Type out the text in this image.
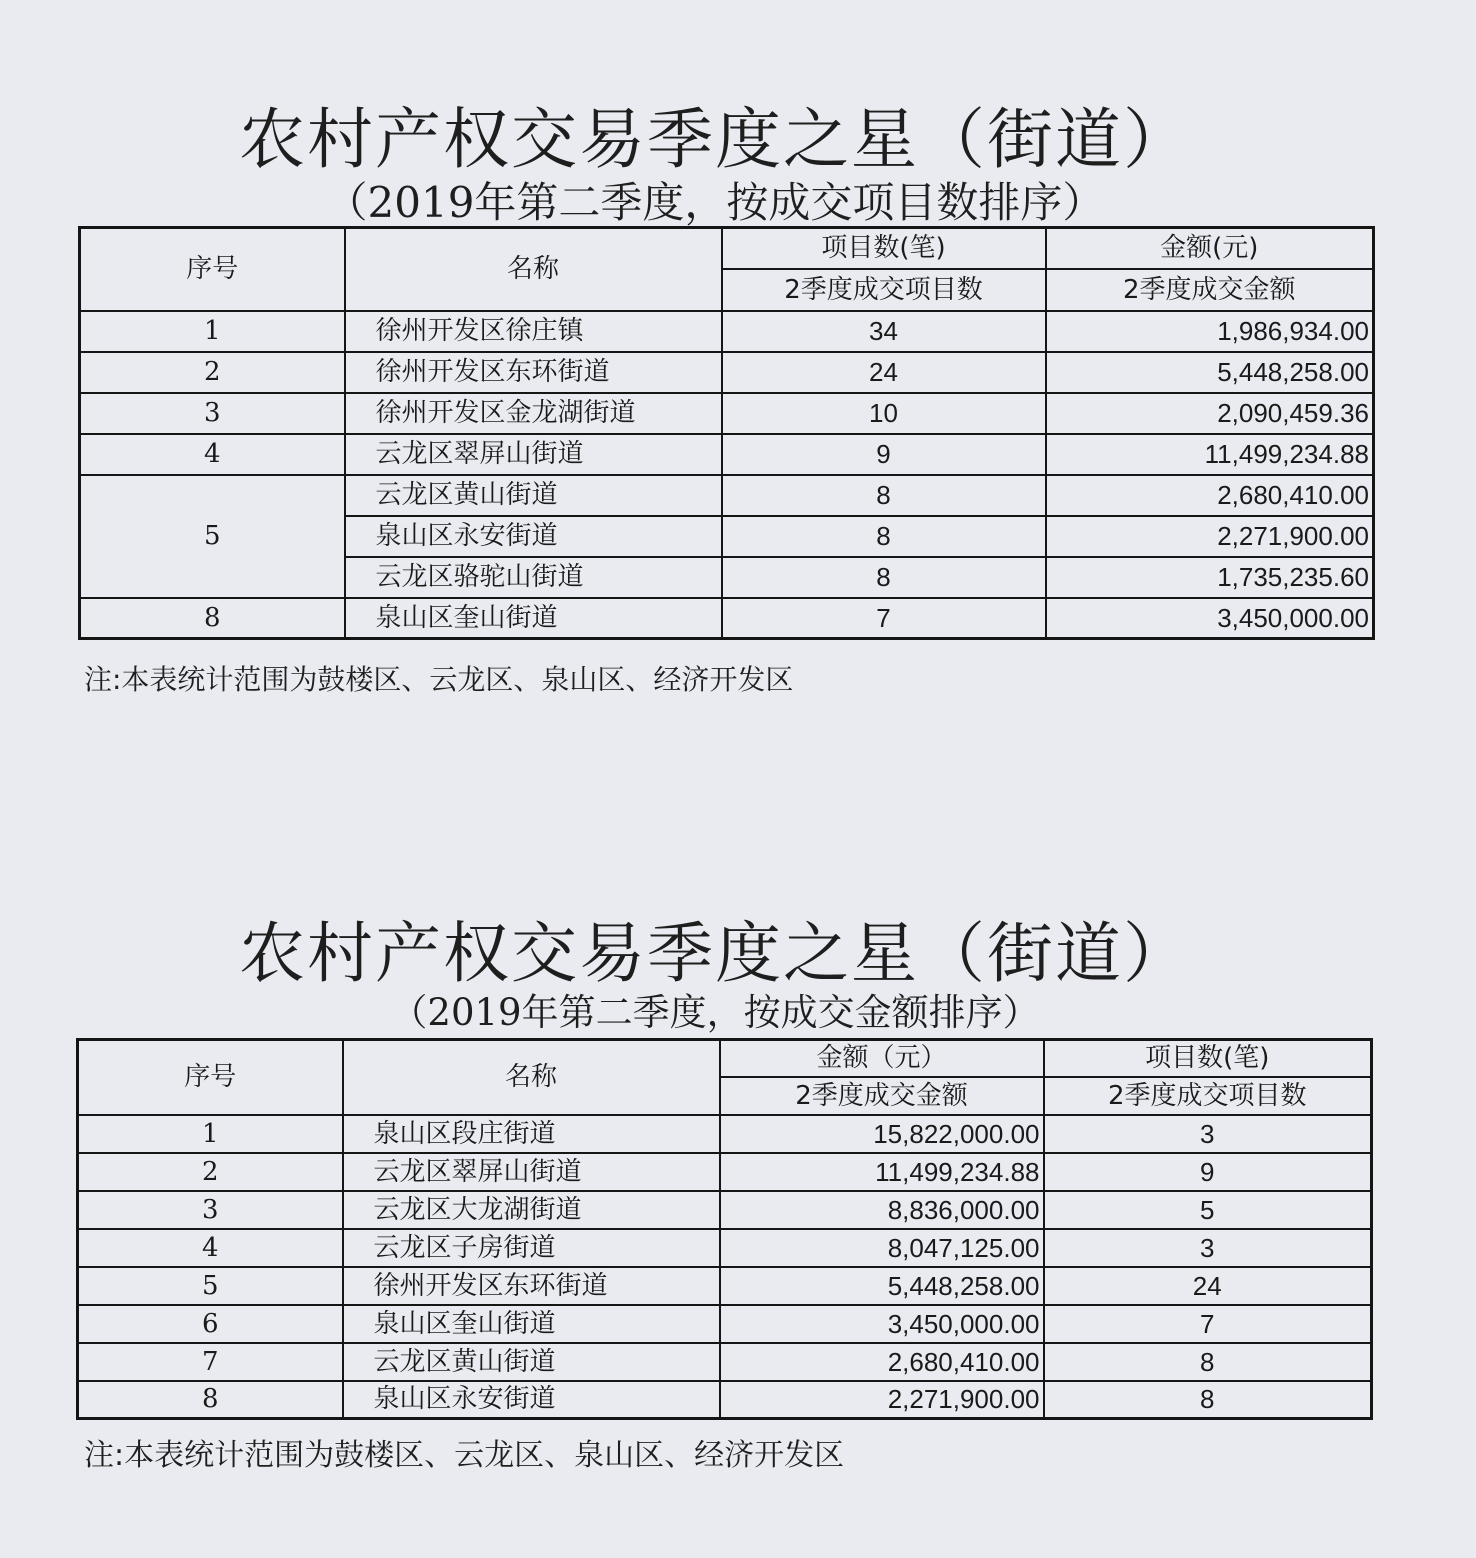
农村产权交易季度之星（街道）
（2019年第二季度，按成交项目数排序）
序号	名称	项目数(笔)	金额(元)
		2季度成交项目数	2季度成交金额
1	徐州开发区徐庄镇	34	1,986,934.00
2	徐州开发区东环街道	24	5,448,258.00
3	徐州开发区金龙湖街道	10	2,090,459.36
4	云龙区翠屏山街道	9	11,499,234.88
5	云龙区黄山街道	8	2,680,410.00
	泉山区永安街道	8	2,271,900.00
	云龙区骆驼山街道	8	1,735,235.60
8	泉山区奎山街道	7	3,450,000.00
注:本表统计范围为鼓楼区、云龙区、泉山区、经济开发区
农村产权交易季度之星（街道）
（2019年第二季度，按成交金额排序）
序号	名称	金额（元）	项目数(笔)
		2季度成交金额	2季度成交项目数
1	泉山区段庄街道	15,822,000.00	3
2	云龙区翠屏山街道	11,499,234.88	9
3	云龙区大龙湖街道	8,836,000.00	5
4	云龙区子房街道	8,047,125.00	3
5	徐州开发区东环街道	5,448,258.00	24
6	泉山区奎山街道	3,450,000.00	7
7	云龙区黄山街道	2,680,410.00	8
8	泉山区永安街道	2,271,900.00	8
注:本表统计范围为鼓楼区、云龙区、泉山区、经济开发区
